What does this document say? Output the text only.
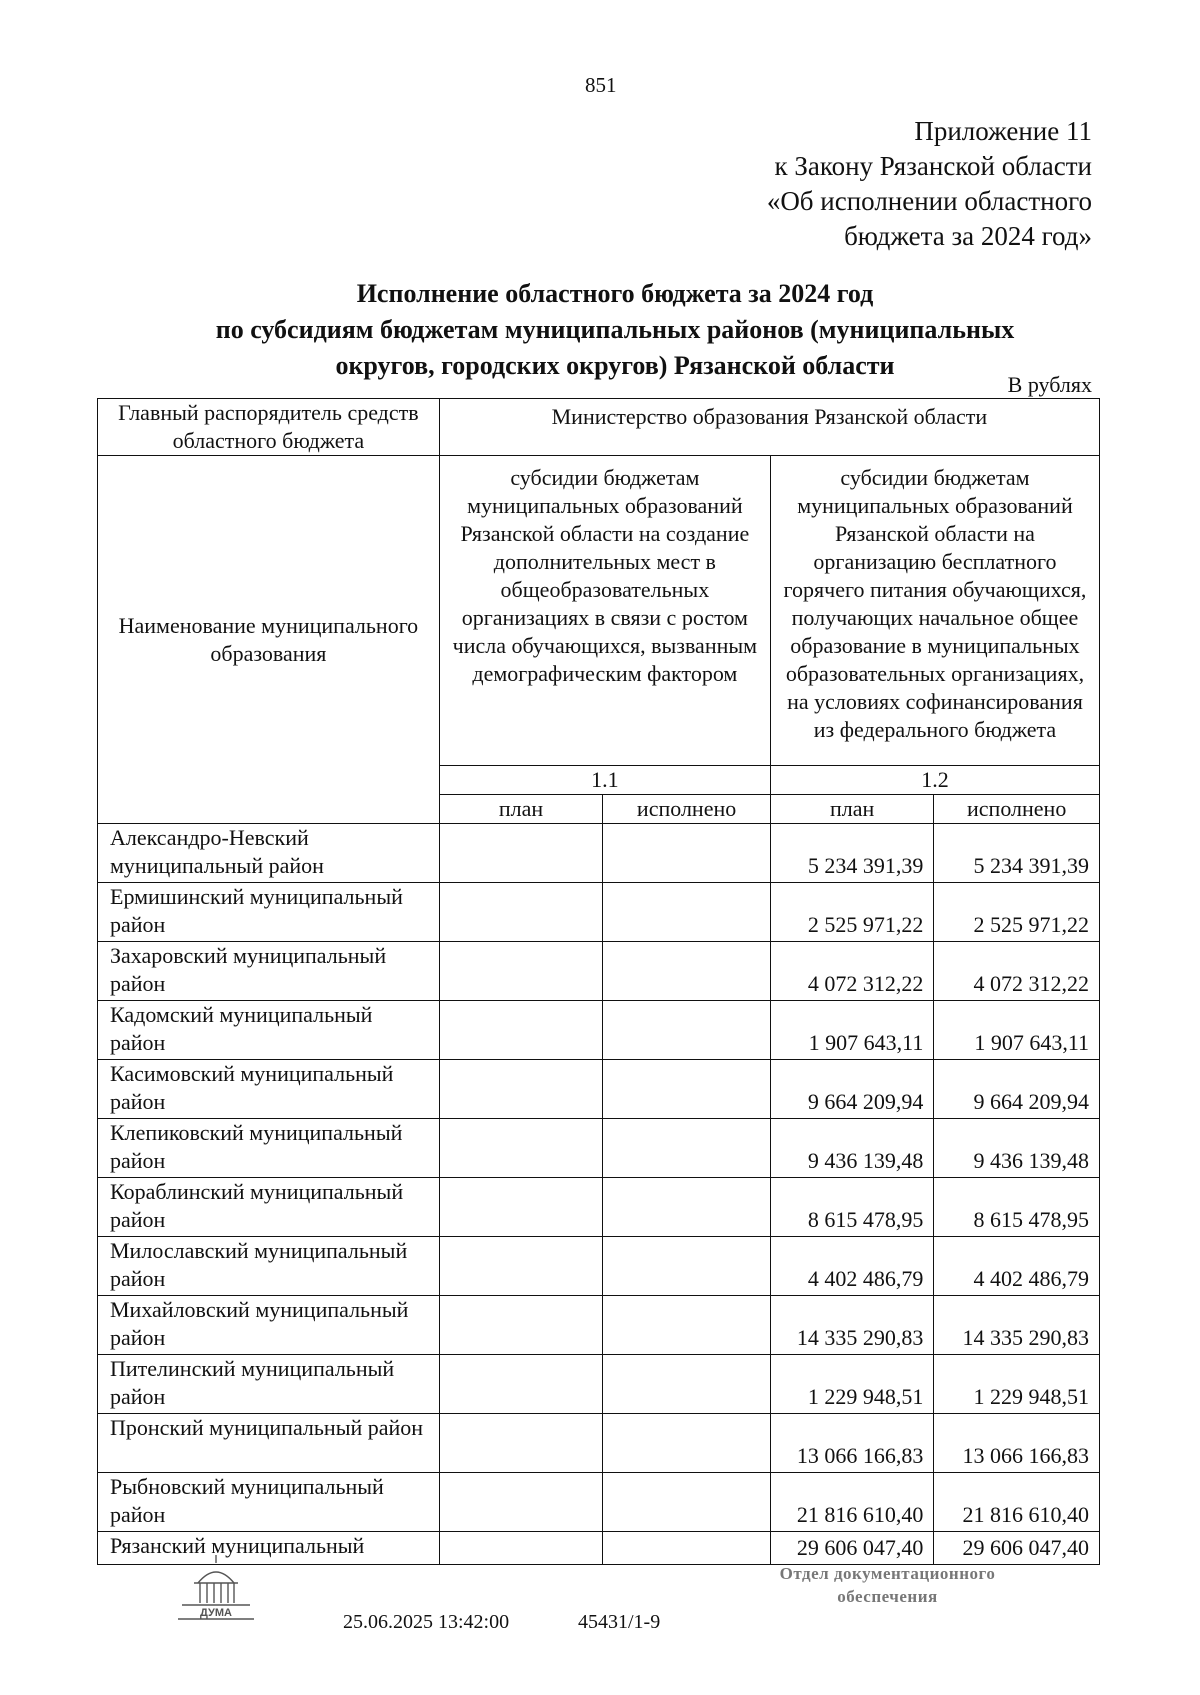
851
Приложение 11
к Закону Рязанской области
«Об исполнении областного
бюджета за 2024 год»
Исполнение областного бюджета за 2024 год
по субсидиям бюджетам муниципальных районов (муниципальных
округов, городских округов) Рязанской области
В рублях
Главный распорядитель средств областного бюджета	Министерство образования Рязанской области			
Наименование муниципального образования	субсидии бюджетам муниципальных образований Рязанской области на создание дополнительных мест в общеобразовательных организациях в связи с ростом числа обучающихся, вызванным демографическим фактором		субсидии бюджетам муниципальных образований Рязанской области на организацию бесплатного горячего питания обучающихся, получающих начальное общее образование в муниципальных образовательных организациях, на условиях софинансирования из федерального бюджета	
	1.1		1.2	
	план	исполнено	план	исполнено
Александро-Невский муниципальный район			5 234 391,39	5 234 391,39
Ермишинский муниципальный район			2 525 971,22	2 525 971,22
Захаровский муниципальный район			4 072 312,22	4 072 312,22
Кадомский муниципальный район			1 907 643,11	1 907 643,11
Касимовский муниципальный район			9 664 209,94	9 664 209,94
Клепиковский муниципальный район			9 436 139,48	9 436 139,48
Кораблинский муниципальный район			8 615 478,95	8 615 478,95
Милославский муниципальный район			4 402 486,79	4 402 486,79
Михайловский муниципальный район			14 335 290,83	14 335 290,83
Пителинский муниципальный район			1 229 948,51	1 229 948,51
Пронский муниципальный район			13 066 166,83	13 066 166,83
Рыбновский муниципальный район			21 816 610,40	21 816 610,40
Рязанский муниципальный			29 606 047,40	29 606 047,40
ДУМА	25.06.2025 13:42:00	45431/1-9
Отдел документационного обеспечения
